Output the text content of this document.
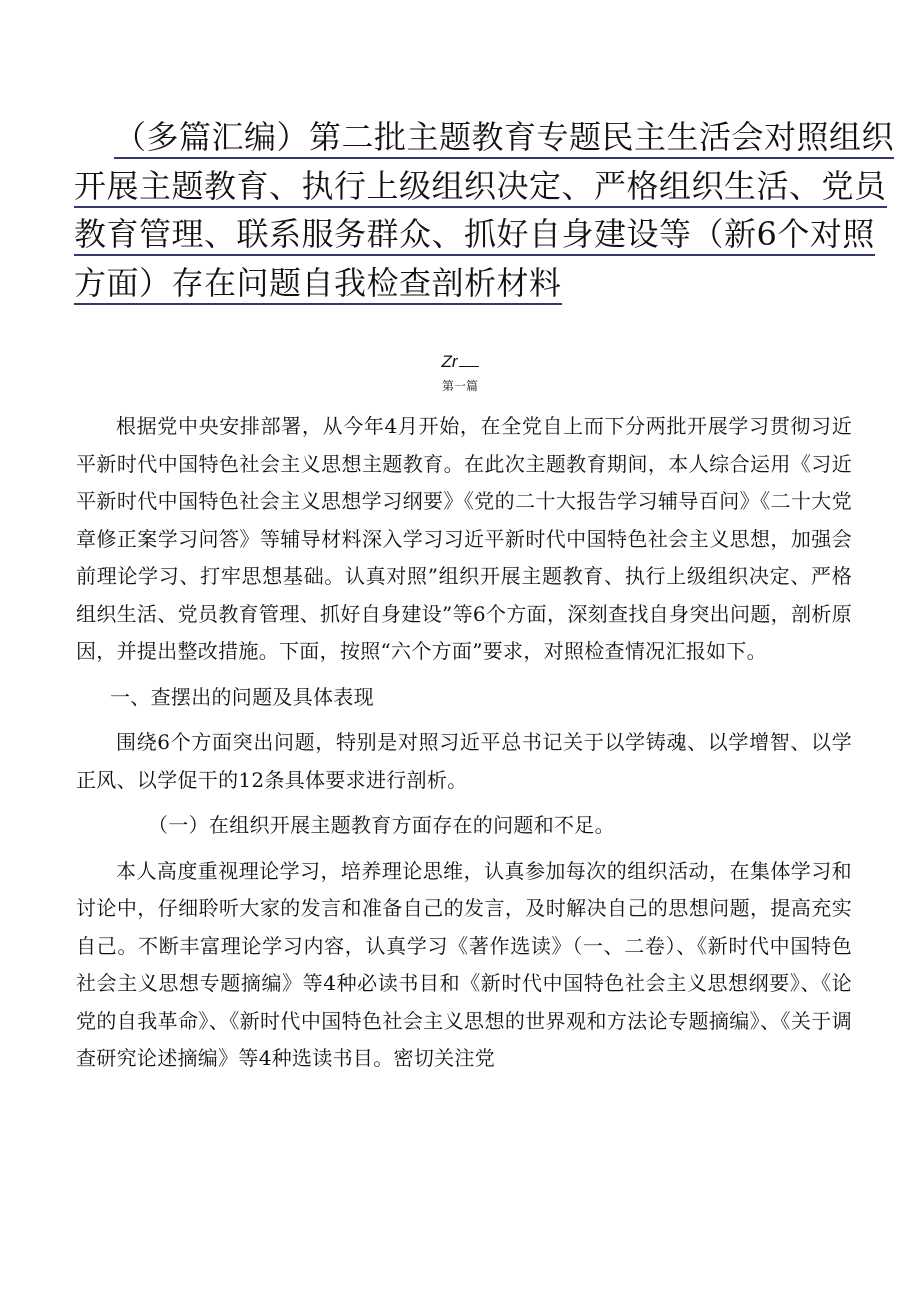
（多篇汇编）第二批主题教育专题民主生活会对照组织
开展主题教育、执行上级组织决定、严格组织生活、党员
教育管理、联系服务群众、抓好自身建设等（新6个对照
方面）存在问题自我检查剖析材料
Zr
第一篇

根据党中央安排部署，从今年4月开始，在全党自上而下分两批开展学习贯彻习近平新时代中国特色社会主义思想主题教育。在此次主题教育期间，本人综合运用《习近平新时代中国特色社会主义思想学习纲要》《党的二十大报告学习辅导百问》《二十大党章修正案学习问答》等辅导材料深入学习习近平新时代中国特色社会主义思想，加强会前理论学习、打牢思想基础。认真对照”组织开展主题教育、执行上级组织决定、严格组织生活、党员教育管理、抓好自身建设”等6个方面，深刻查找自身突出问题，剖析原因，并提出整改措施。下面，按照“六个方面”要求，对照检查情况汇报如下。

一、查摆出的问题及具体表现

围绕6个方面突出问题，特别是对照习近平总书记关于以学铸魂、以学增智、以学正风、以学促干的12条具体要求进行剖析。

（一）在组织开展主题教育方面存在的问题和不足。

本人高度重视理论学习，培养理论思维，认真参加每次的组织活动，在集体学习和讨论中，仔细聆听大家的发言和准备自己的发言，及时解决自己的思想问题，提高充实自己。不断丰富理论学习内容，认真学习《著作选读》（一、二卷）、《新时代中国特色社会主义思想专题摘编》等4种必读书目和《新时代中国特色社会主义思想纲要》、《论党的自我革命》、《新时代中国特色社会主义思想的世界观和方法论专题摘编》、《关于调查研究论述摘编》等4种选读书目。密切关注党
